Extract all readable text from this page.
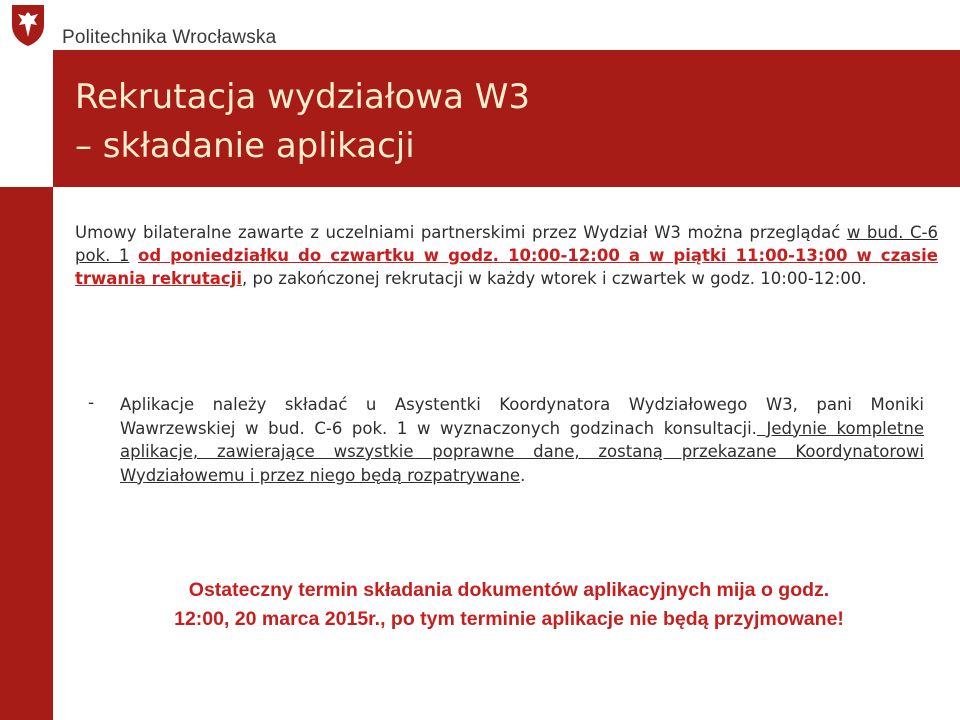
Politechnika Wrocławska
Rekrutacja wydziałowa W3
– składanie aplikacji

Umowy bilateralne zawarte z uczelniami partnerskimi przez Wydział W3 można przeglądać w bud. C-6 pok. 1 od poniedziałku do czwartku w godz. 10:00-12:00 a w piątki 11:00-13:00 w czasie trwania rekrutacji, po zakończonej rekrutacji w każdy wtorek i czwartek w godz. 10:00-12:00.

- Aplikacje należy składać u Asystentki Koordynatora Wydziałowego W3, pani Moniki Wawrzewskiej w bud. C-6 pok. 1 w wyznaczonych godzinach konsultacji. Jedynie kompletne aplikacje, zawierające wszystkie poprawne dane, zostaną przekazane Koordynatorowi Wydziałowemu i przez niego będą rozpatrywane.

Ostateczny termin składania dokumentów aplikacyjnych mija o godz.
12:00, 20 marca 2015r., po tym terminie aplikacje nie będą przyjmowane!
